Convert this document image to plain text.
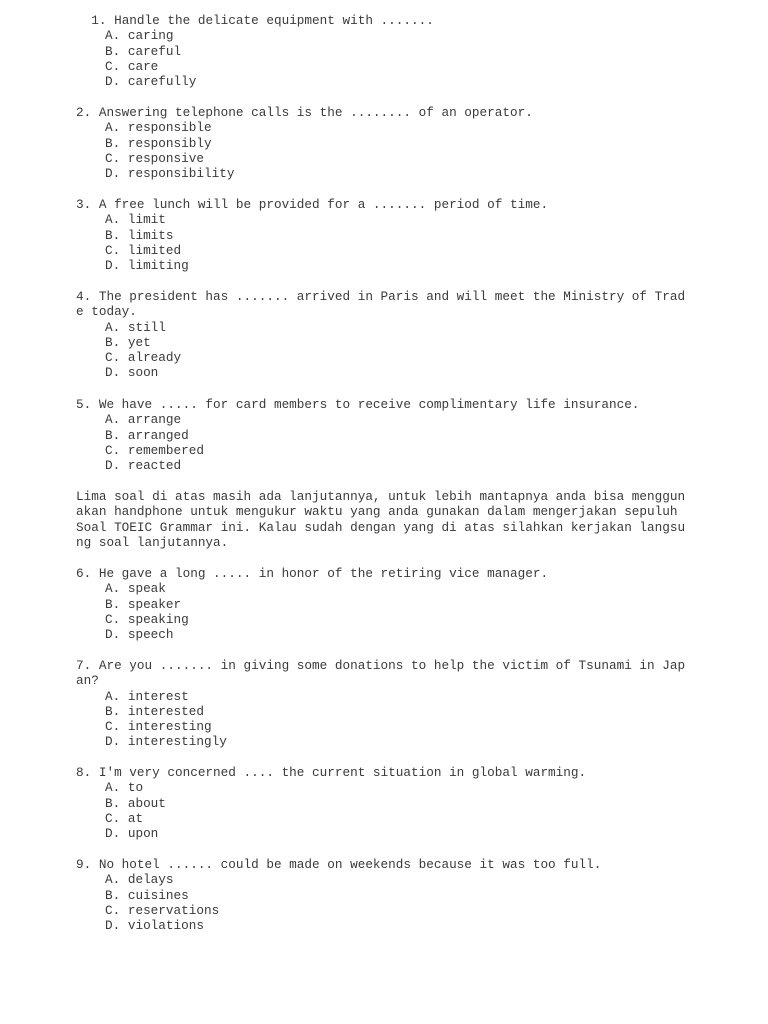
1. Handle the delicate equipment with .......

A. caring
B. careful
C. care
D. carefully

2. Answering telephone calls is the ........ of an operator.

A. responsible
B. responsibly
C. responsive
D. responsibility

3. A free lunch will be provided for a ....... period of time.

A. limit
B. limits
C. limited
D. limiting

4. The president has ....... arrived in Paris and will meet the Ministry of Trade today.

A. still
B. yet
C. already
D. soon

5. We have ..... for card members to receive complimentary life insurance.

A. arrange
B. arranged
C. remembered
D. reacted

Lima soal di atas masih ada lanjutannya, untuk lebih mantapnya anda bisa menggunakan handphone untuk mengukur waktu yang anda gunakan dalam mengerjakan sepuluh Soal TOEIC Grammar ini. Kalau sudah dengan yang di atas silahkan kerjakan langsung soal lanjutannya.

6. He gave a long ..... in honor of the retiring vice manager.

A. speak
B. speaker
C. speaking
D. speech

7. Are you ....... in giving some donations to help the victim of Tsunami in Japan?

A. interest
B. interested
C. interesting
D. interestingly

8. I'm very concerned .... the current situation in global warming.

A. to
B. about
C. at
D. upon

9. No hotel ...... could be made on weekends because it was too full.

A. delays
B. cuisines
C. reservations
D. violations
